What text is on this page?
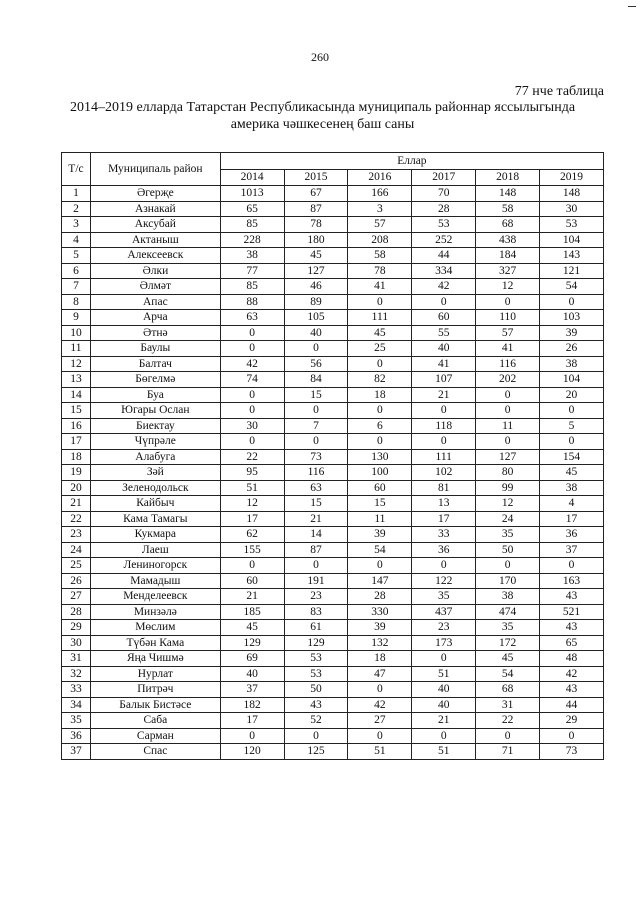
260
77 нче таблица
2014–2019 елларда Татарстан Республикасында муниципаль районнар яссылыгында
америка чәшкесенең баш саны
Т/с	Муниципаль район	Еллар					
		2014	2015	2016	2017	2018	2019
1	Әгерҗе	1013	67	166	70	148	148
2	Азнакай	65	87	3	28	58	30
3	Аксубай	85	78	57	53	68	53
4	Актаныш	228	180	208	252	438	104
5	Алексеевск	38	45	58	44	184	143
6	Әлки	77	127	78	334	327	121
7	Әлмәт	85	46	41	42	12	54
8	Апас	88	89	0	0	0	0
9	Арча	63	105	111	60	110	103
10	Әтнә	0	40	45	55	57	39
11	Баулы	0	0	25	40	41	26
12	Балтач	42	56	0	41	116	38
13	Бөгелмә	74	84	82	107	202	104
14	Буа	0	15	18	21	0	20
15	Югары Ослан	0	0	0	0	0	0
16	Биектау	30	7	6	118	11	5
17	Чүпрәле	0	0	0	0	0	0
18	Алабуга	22	73	130	111	127	154
19	Зәй	95	116	100	102	80	45
20	Зеленодольск	51	63	60	81	99	38
21	Кайбыч	12	15	15	13	12	4
22	Кама Тамагы	17	21	11	17	24	17
23	Кукмара	62	14	39	33	35	36
24	Лаеш	155	87	54	36	50	37
25	Лениногорск	0	0	0	0	0	0
26	Мамадыш	60	191	147	122	170	163
27	Менделеевск	21	23	28	35	38	43
28	Минзәлә	185	83	330	437	474	521
29	Мөслим	45	61	39	23	35	43
30	Түбән Кама	129	129	132	173	172	65
31	Яңа Чишмә	69	53	18	0	45	48
32	Нурлат	40	53	47	51	54	42
33	Питрәч	37	50	0	40	68	43
34	Балык Бистәсе	182	43	42	40	31	44
35	Саба	17	52	27	21	22	29
36	Сарман	0	0	0	0	0	0
37	Спас	120	125	51	51	71	73
